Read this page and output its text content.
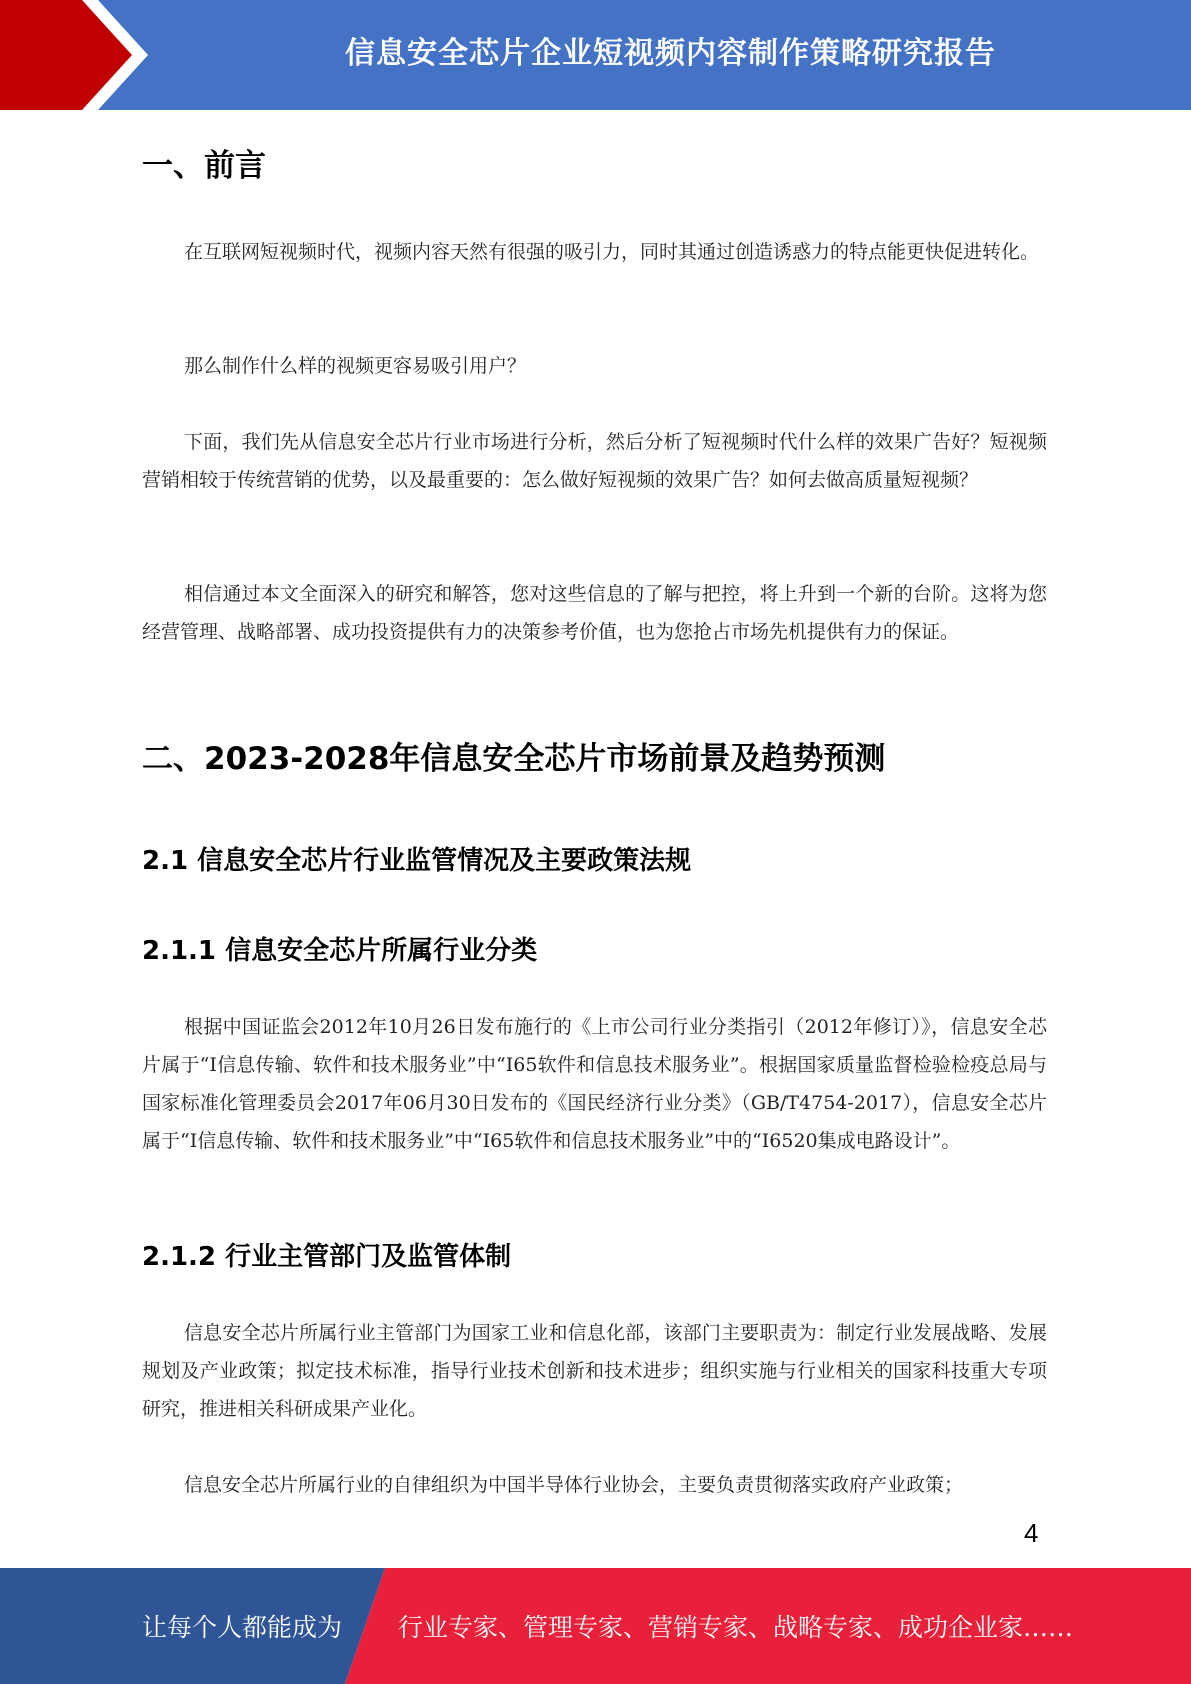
信息安全芯片企业短视频内容制作策略研究报告
一、前言

在互联网短视频时代，视频内容天然有很强的吸引力，同时其通过创造诱惑力的特点能更快促进转化。

那么制作什么样的视频更容易吸引用户？

下面，我们先从信息安全芯片行业市场进行分析，然后分析了短视频时代什么样的效果广告好？短视频营销相较于传统营销的优势，以及最重要的：怎么做好短视频的效果广告？如何去做高质量短视频？

相信通过本文全面深入的研究和解答，您对这些信息的了解与把控，将上升到一个新的台阶。这将为您经营管理、战略部署、成功投资提供有力的决策参考价值，也为您抢占市场先机提供有力的保证。

二、2023-2028年信息安全芯片市场前景及趋势预测
2.1 信息安全芯片行业监管情况及主要政策法规
2.1.1 信息安全芯片所属行业分类

根据中国证监会2012年10月26日发布施行的《上市公司行业分类指引（2012年修订）》，信息安全芯片属于“I信息传输、软件和技术服务业”中“I65软件和信息技术服务业”。根据国家质量监督检验检疫总局与国家标准化管理委员会2017年06月30日发布的《国民经济行业分类》（GB/T4754-2017），信息安全芯片属于“I信息传输、软件和技术服务业”中“I65软件和信息技术服务业”中的“I6520集成电路设计”。

2.1.2 行业主管部门及监管体制

信息安全芯片所属行业主管部门为国家工业和信息化部，该部门主要职责为：制定行业发展战略、发展规划及产业政策；拟定技术标准，指导行业技术创新和技术进步；组织实施与行业相关的国家科技重大专项研究，推进相关科研成果产业化。

信息安全芯片所属行业的自律组织为中国半导体行业协会，主要负责贯彻落实政府产业政策；

4
让每个人都能成为 行业专家、管理专家、营销专家、战略专家、成功企业家……
